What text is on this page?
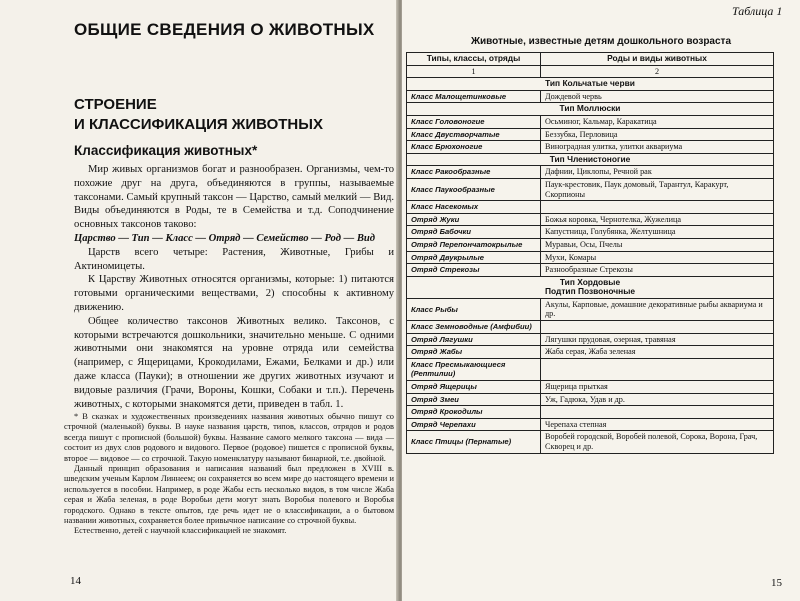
ОБЩИЕ СВЕДЕНИЯ О ЖИВОТНЫХ
СТРОЕНИЕ
И КЛАССИФИКАЦИЯ ЖИВОТНЫХ
Классификация животных*

Мир живых организмов богат и разнообразен. Организмы, чем-то похожие друг на друга, объединяются в группы, называемые таксонами. Самый крупный таксон — Царство, самый мелкий — Вид. Виды объединяются в Роды, те в Семейства и т.д. Соподчинение основных таксонов таково:

Царство — Тип — Класс — Отряд — Семейство — Род — Вид

Царств всего четыре: Растения, Животные, Грибы и Актиномицеты.

К Царству Животных относятся организмы, которые: 1) питаются готовыми органическими веществами, 2) способны к активному движению.

Общее количество таксонов Животных велико. Таксонов, с которыми встречаются дошкольники, значительно меньше. С одними животными они знакомятся на уровне отряда или семейства (например, с Ящерицами, Крокодилами, Ежами, Белками и др.) или даже класса (Пауки); в отношении же других животных изучают и видовые различия (Грачи, Вороны, Кошки, Собаки и т.п.). Перечень животных, с которыми знакомятся дети, приведен в табл. 1.

* В сказках и художественных произведениях названия животных обычно пишут со строчной (маленькой) буквы. В науке названия царств, типов, классов, отрядов и родов всегда пишут с прописной (большой) буквы. Название самого мелкого таксона — вида — состоит из двух слов родового и видового. Первое (родовое) пишется с прописной буквы, второе — видовое — со строчной. Такую номенклатуру называют бинарной, т.е. двойной.

Данный принцип образования и написания названий был предложен в XVIII в. шведским ученым Карлом Линнеем; он сохраняется во всем мире до настоящего времени и используется в пособии. Например, в роде Жабы есть несколько видов, в том числе Жаба серая и Жаба зеленая, в роде Воробьи дети могут знать Воробья полевого и Воробья городского. Однако в тексте опытов, где речь идет не о классификации, а о бытовом названии животных, сохраняется более привычное написание со строчной буквы.

Естественно, детей с научной классификацией не знакомят.

14
Таблица 1
Животные, известные детям дошкольного возраста
Типы, классы, отряды	Роды и виды животных
1	2

Тип Кольчатые черви	

Класс Малощетинковые	Дождевой червь

Тип Моллюски	

Класс Головоногие	Осьминог, Кальмар, Каракатица
Класс Двустворчатые	Беззубка, Перловица
Класс Брюхоногие	Виноградная улитка, улитки аквариума

Тип Членистоногие	

Класс Ракообразные	Дафнии, Циклопы, Речной рак
Класс Паукообразные	Паук-крестовик, Паук домовый, Тарантул, Каракурт, Скорпионы
Класс Насекомых	
Отряд Жуки	Божья коровка, Чернотелка, Жужелица
Отряд Бабочки	Капустница, Голубянка, Желтушница
Отряд Перепончатокрылые	Муравьи, Осы, Пчелы
Отряд Двукрылые	Мухи, Комары
Отряд Стрекозы	Разнообразные Стрекозы

Тип Хордовые
Подтип Позвоночные	

Класс Рыбы	Акулы, Карповые, домашние декоративные рыбы аквариума и др.
Класс Земноводные (Амфибии)	
Отряд Лягушки	Лягушки прудовая, озерная, травяная
Отряд Жабы	Жаба серая, Жаба зеленая
Класс Пресмыкающиеся (Рептилии)	
Отряд Ящерицы	Ящерица прыткая
Отряд Змеи	Уж, Гадюка, Удав и др.
Отряд Крокодилы	
Отряд Черепахи	Черепаха степная
Класс Птицы (Пернатые)	Воробей городской, Воробей полевой, Сорока, Ворона, Грач, Скворец и др.
15
